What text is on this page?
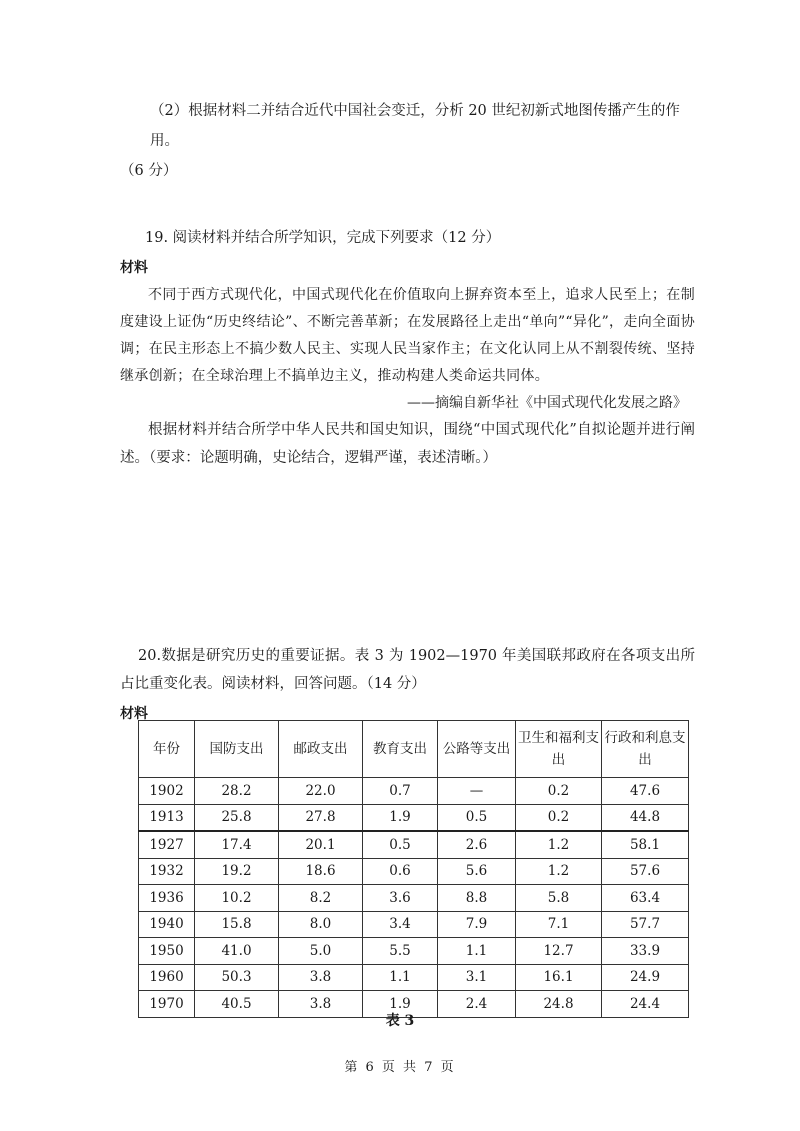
（2）根据材料二并结合近代中国社会变迁，分析 20 世纪初新式地图传播产生的作用。
（6 分）
19. 阅读材料并结合所学知识，完成下列要求（12 分）
材料
不同于西方式现代化，中国式现代化在价值取向上摒弃资本至上，追求人民至上；在制度建设上证伪“历史终结论”、不断完善革新；在发展路径上走出“单向”“异化”，走向全面协调；在民主形态上不搞少数人民主、实现人民当家作主；在文化认同上从不割裂传统、坚持继承创新；在全球治理上不搞单边主义，推动构建人类命运共同体。
——摘编自新华社《中国式现代化发展之路》
根据材料并结合所学中华人民共和国史知识，围绕“中国式现代化”自拟论题并进行阐述。（要求：论题明确，史论结合，逻辑严谨，表述清晰。）
20.数据是研究历史的重要证据。表 3 为 1902—1970 年美国联邦政府在各项支出所占比重变化表。阅读材料，回答问题。（14 分）
材料
年份	国防支出	邮政支出	教育支出	公路等支出	卫生和福利支出	行政和利息支出
1902	28.2	22.0	0.7	—	0.2	47.6
1913	25.8	27.8	1.9	0.5	0.2	44.8
1927	17.4	20.1	0.5	2.6	1.2	58.1
1932	19.2	18.6	0.6	5.6	1.2	57.6
1936	10.2	8.2	3.6	8.8	5.8	63.4
1940	15.8	8.0	3.4	7.9	7.1	57.7
1950	41.0	5.0	5.5	1.1	12.7	33.9
1960	50.3	3.8	1.1	3.1	16.1	24.9
1970	40.5	3.8	1.9	2.4	24.8	24.4
表 3
第 6 页 共 7 页
